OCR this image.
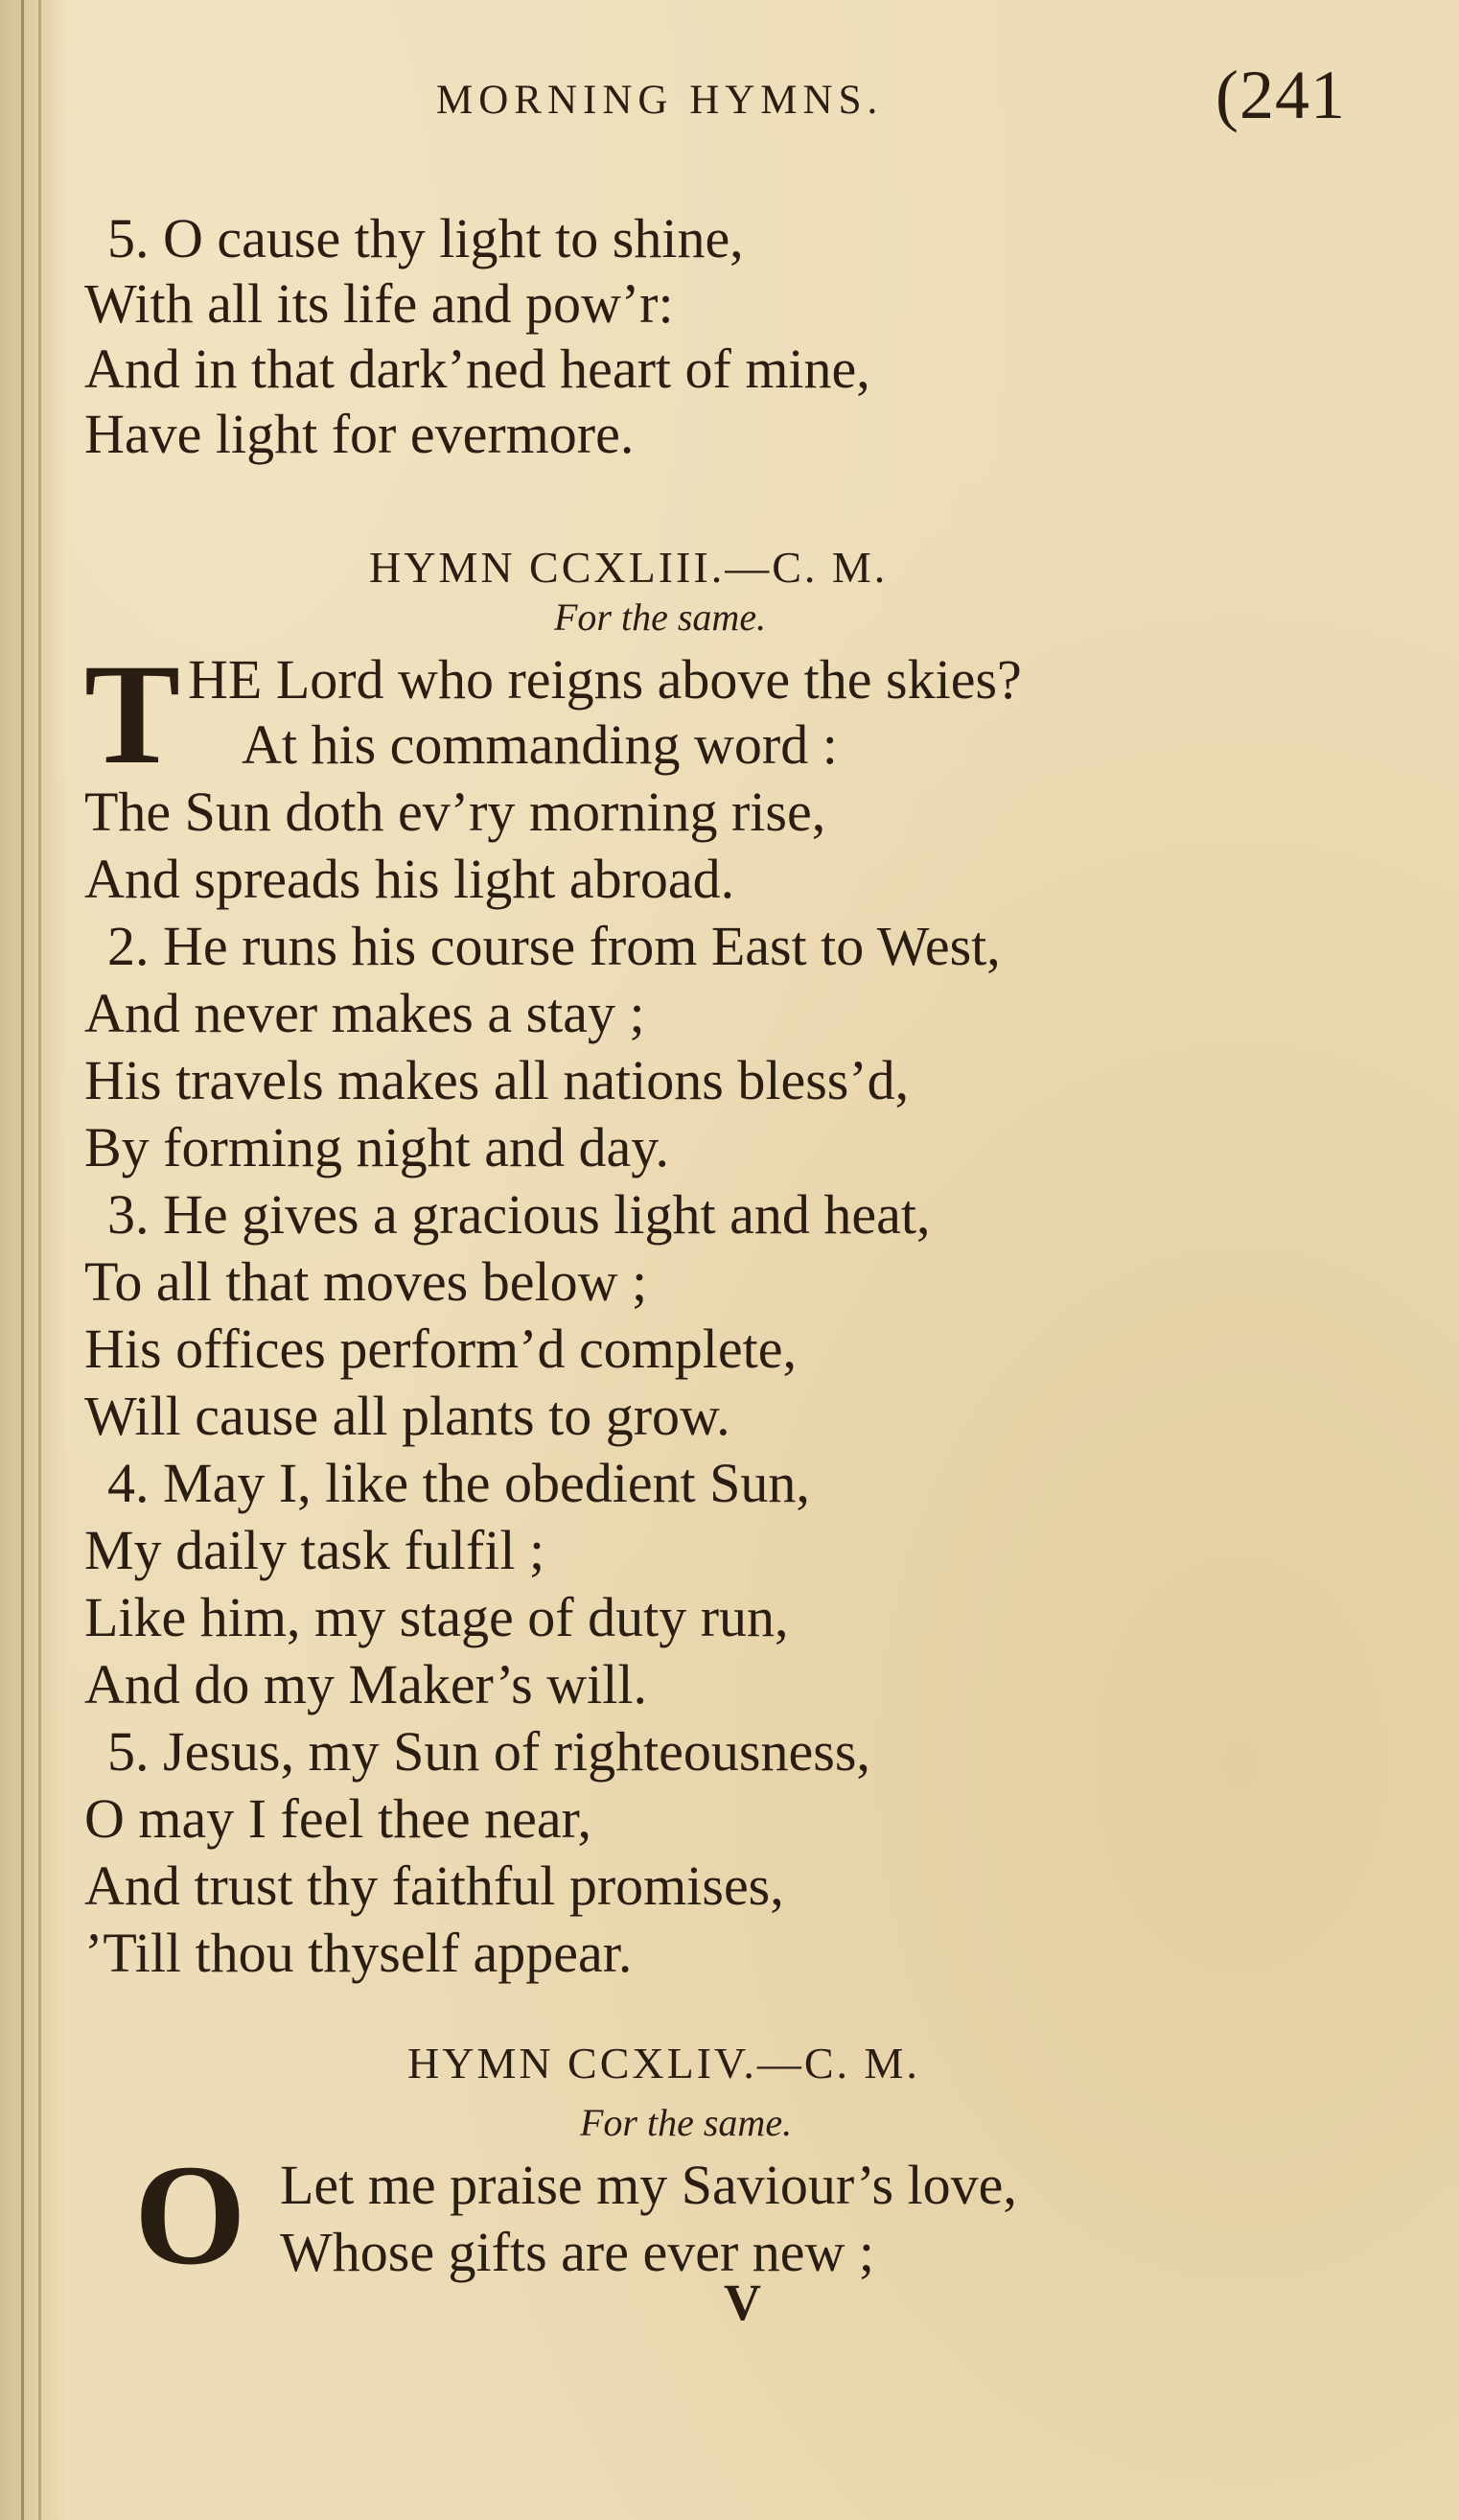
MORNING HYMNS.	(241
5. O cause thy light to shine,
With all its life and pow’r:
And in that dark’ned heart of mine,
Have light for evermore.
HYMN CCXLIII.—C. M.
For the same.
T HE Lord who reigns above the skies?
At his commanding word :
The Sun doth ev’ry morning rise,
And spreads his light abroad.
2. He runs his course from East to West,
And never makes a stay ;
His travels makes all nations bless’d,
By forming night and day.
3. He gives a gracious light and heat,
To all that moves below ;
His offices perform’d complete,
Will cause all plants to grow.
4. May I, like the obedient Sun,
My daily task fulfil ;
Like him, my stage of duty run,
And do my Maker’s will.
5. Jesus, my Sun of righteousness,
O may I feel thee near,
And trust thy faithful promises,
’Till thou thyself appear.
HYMN CCXLIV.—C. M.
For the same.
O Let me praise my Saviour’s love,
Whose gifts are ever new ;
V
